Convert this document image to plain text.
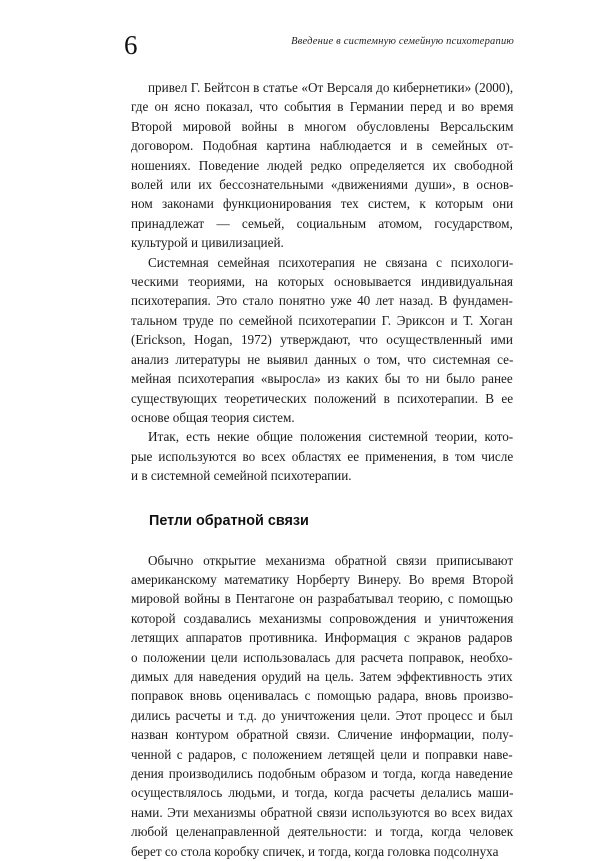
6	Введение в системную семейную психотерапию
привел Г. Бейтсон в статье «От Версаля до кибернетики» (2000),
где он ясно показал, что события в Германии перед и во время
Второй мировой войны в многом обусловлены Версальским
договором. Подобная картина наблюдается и в семейных от-
ношениях. Поведение людей редко определяется их свободной
волей или их бессознательными «движениями души», в основ-
ном законами функционирования тех систем, к которым они
принадлежат — семьей, социальным атомом, государством,
культурой и цивилизацией.
Системная семейная психотерапия не связана с психологи-
ческими теориями, на которых основывается индивидуальная
психотерапия. Это стало понятно уже 40 лет назад. В фундамен-
тальном труде по семейной психотерапии Г. Эриксон и Т. Хоган
(Erickson, Hogan, 1972) утверждают, что осуществленный ими
анализ литературы не выявил данных о том, что системная се-
мейная психотерапия «выросла» из каких бы то ни было ранее
существующих теоретических положений в психотерапии. В ее
основе общая теория систем.
Итак, есть некие общие положения системной теории, кото-
рые используются во всех областях ее применения, в том числе
и в системной семейной психотерапии.
Петли обратной связи
Обычно открытие механизма обратной связи приписывают
американскому математику Норберту Винеру. Во время Второй
мировой войны в Пентагоне он разрабатывал теорию, с помощью
которой создавались механизмы сопровождения и уничтожения
летящих аппаратов противника. Информация с экранов радаров
о положении цели использовалась для расчета поправок, необхо-
димых для наведения орудий на цель. Затем эффективность этих
поправок вновь оценивалась с помощью радара, вновь произво-
дились расчеты и т.д. до уничтожения цели. Этот процесс и был
назван контуром обратной связи. Сличение информации, полу-
ченной с радаров, с положением летящей цели и поправки наве-
дения производились подобным образом и тогда, когда наведение
осуществлялось людьми, и тогда, когда расчеты делались маши-
нами. Эти механизмы обратной связи используются во всех видах
любой целенаправленной деятельности: и тогда, когда человек
берет со стола коробку спичек, и тогда, когда головка подсолнуха
